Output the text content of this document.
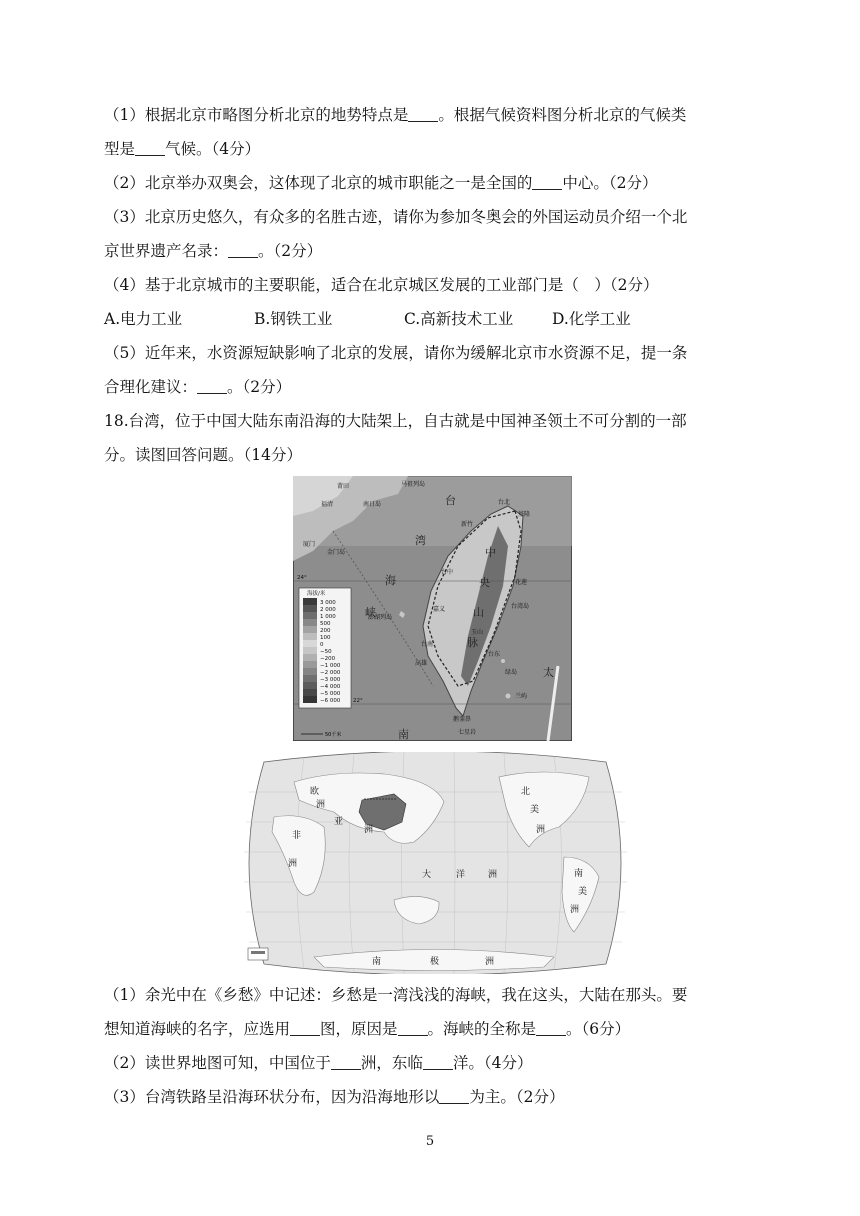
（1）根据北京市略图分析北京的地势特点是 。根据气候资料图分析北京的气候类
型是 气候。（4分）
（2）北京举办双奥会，这体现了北京的城市职能之一是全国的 中心。（2分）
（3）北京历史悠久，有众多的名胜古迹，请你为参加冬奥会的外国运动员介绍一个北
京世界遗产名录： 。（2分）
（4）基于北京城市的主要职能，适合在北京城区发展的工业部门是（　）（2分）
A.电力工业	B.钢铁工业	C.高新技术工业	D.化学工业
（5）近年来，水资源短缺影响了北京的发展，请你为缓解北京市水资源不足，提一条
合理化建议： 。（2分）
18.台湾，位于中国大陆东南沿海的大陆架上，自古就是中国神圣领土不可分割的一部
分。读图回答问题。（14分）
海拔/米
3 000
2 000
1 000
500
200
100
0
−50
−200
−1 000
−2 000
−3 000
−4 000
−5 000
−6 000
50千米
莆田
福清	南日岛
马祖列岛
金门岛
厦门
澎湖列岛
新竹
台中
嘉义
台南
高雄
台北
基隆
花莲
台东
台湾岛
绿岛
兰屿
鹅銮鼻
七星岩
玉山
台
湾
海
峡
太
南
中
央
山
脉
24°
22°
欧
洲
亚
洲
非
洲
北
美
洲
大	洋	洲	南
美
洲
南	极	洲
（1）余光中在《乡愁》中记述：乡愁是一湾浅浅的海峡，我在这头，大陆在那头。要
想知道海峡的名字，应选用 图，原因是 。海峡的全称是 。（6分）
（2）读世界地图可知，中国位于 洲，东临 洋。（4分）
（3）台湾铁路呈沿海环状分布，因为沿海地形以 为主。（2分）
5
